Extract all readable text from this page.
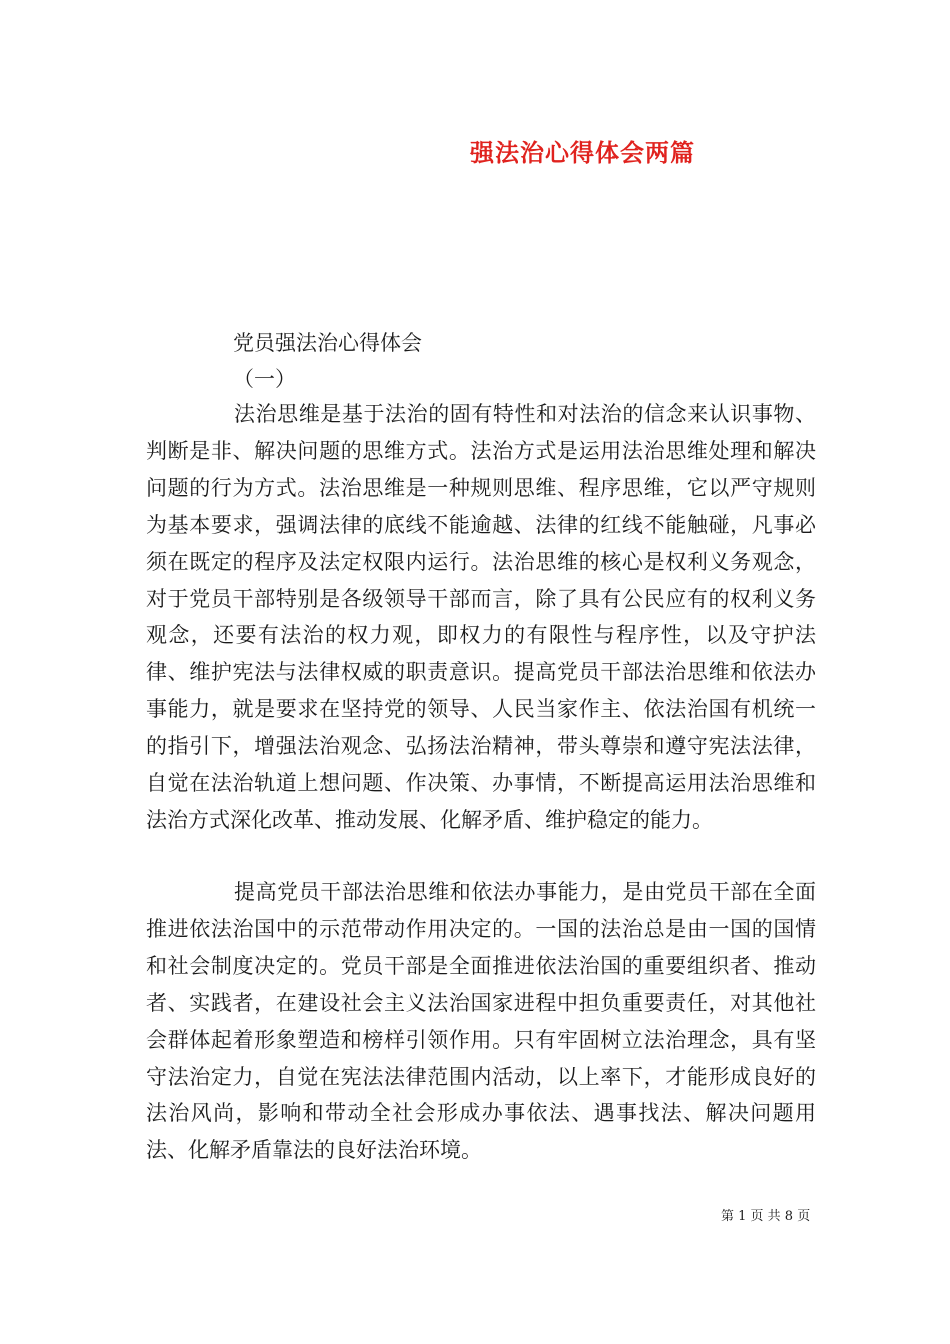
强法治心得体会两篇
党员强法治心得体会
（一）

法治思维是基于法治的固有特性和对法治的信念来认识事物、判断是非、解决问题的思维方式。法治方式是运用法治思维处理和解决问题的行为方式。法治思维是一种规则思维、程序思维，它以严守规则为基本要求，强调法律的底线不能逾越、法律的红线不能触碰，凡事必须在既定的程序及法定权限内运行。法治思维的核心是权利义务观念，对于党员干部特别是各级领导干部而言，除了具有公民应有的权利义务观念，还要有法治的权力观，即权力的有限性与程序性，以及守护法律、维护宪法与法律权威的职责意识。提高党员干部法治思维和依法办事能力，就是要求在坚持党的领导、人民当家作主、依法治国有机统一的指引下，增强法治观念、弘扬法治精神，带头尊崇和遵守宪法法律，自觉在法治轨道上想问题、作决策、办事情，不断提高运用法治思维和法治方式深化改革、推动发展、化解矛盾、维护稳定的能力。

提高党员干部法治思维和依法办事能力，是由党员干部在全面推进依法治国中的示范带动作用决定的。一国的法治总是由一国的国情和社会制度决定的。党员干部是全面推进依法治国的重要组织者、推动者、实践者，在建设社会主义法治国家进程中担负重要责任，对其他社会群体起着形象塑造和榜样引领作用。只有牢固树立法治理念，具有坚守法治定力，自觉在宪法法律范围内活动，以上率下，才能形成良好的法治风尚，影响和带动全社会形成办事依法、遇事找法、解决问题用法、化解矛盾靠法的良好法治环境。

第 1 页 共 8 页
